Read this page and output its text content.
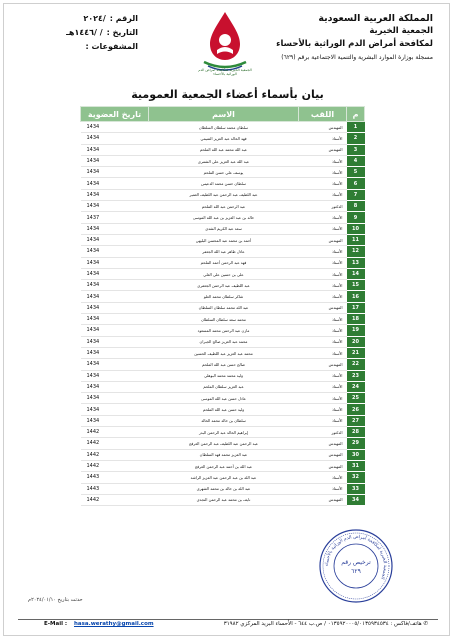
المملكة العربية السعودية
الجمعية الخيرية
لمكافحة أمراض الدم الوراثية بالأحساء
مسجلة بوزارة الموارد البشرية والتنمية الاجتماعية برقم (٦٢٩)
الجمعية الخيرية لمكافحة أمراض الدم الوراثية بالأحساء
الرقم :
/٢٠٢٤
التاريخ :
/ /١٤٤٦هـ
المشفوعات :
بيان بأسماء أعضاء الجمعية العمومية
م	اللقب	الاسم	تاريخ العضوية
1	المهندس	سلطان محمد سلطان السلطان	1434
2	الأستاذ	فهد الخالد عبد العزيز التميمي	1434
3	المهندس	عبد الله محمد عبد الله الملحم	1434
4	الأستاذ	عبد الله عبد العزيز علي الشمري	1434
5	الأستاذ	يوسف علي حسن الملحم	1434
6	الأستاذ	سلطان حسن محمد الدعيس	1434
7	الأستاذ	عبد اللطيف عبد الرحمن عبد اللطيف العمير	1434
8	الدكتور	عبد الرحمن عبد الله الملحم	1434
9	الأستاذ	خالد بن عبد العزيز بن عبد الله الموسى	1437
10	الأستاذ	سعد عبد الكريم الشدي	1434
11	المهندس	أحمد بن محمد عبد المحسن البليهي	1434
12	الأستاذ	عادل طاهر عبد الله الجعفر	1434
13	الأستاذ	فهد عبد الرحمن أحمد الملحم	1434
14	الأستاذ	علي بن حسين علي العلي	1434
15	الأستاذ	عبد اللطيف عبد الرحمن الجعفري	1434
16	الأستاذ	شاكر سلطان محمد العلو	1434
17	المهندس	عبد الله محمد سلطان السلطان	1434
18	الأستاذ	محمد سعد سلطان السلطان	1434
19	الأستاذ	مازن عبد الرحمن محمد المسعود	1434
20	الأستاذ	محمد عبد العزيز صالح الجبران	1434
21	الأستاذ	محمد عبد العزيز عبد اللطيف الحسين	1434
22	المهندس	صالح حسن عبد الله الملحم	1434
23	الأستاذ	وليد محمد محمد البوهلي	1434
24	الأستاذ	عبد العزيز سلطان الملحم	1434
25	الأستاذ	عادل حسن عبد الله الموسى	1434
26	الأستاذ	وليد حسن عبد الله الملحم	1434
27	الأستاذ	سلطان بن خالد محمد الخالد	1434
28	الدكتور	إبراهيم الخالد عبد الرحمن البدر	1442
29	المهندس	عبد الرحمن عبد اللطيف عبد الرحمن العرفج	1442
30	المهندس	عبد العزيز محمد فهد السلطان	1442
31	المهندس	عبد الله بن أحمد عبد الرحمن العرفج	1442
32	الأستاذ	عبد الله بن عبد الرحمن عبد العزيز الراشد	1443
33	الأستاذ	عبد الله بن خالد بن محمد الشهري	1443
34	المهندس	نايف بن محمد عبد الرحمن النجدي	1442
الجمعية الخيرية لمكافحة أمراض الدم الوراثية بالأحساء
ترخيص رقم
٦٢٩
حدثت بتاريخ ٢٠٢٤/٠١/١٠م
E-Mail : hasa.werathy@gmail.com	✆ هاتف/فاكس : ٠١٣٥٩٢٠٠٠٥/٠١٣٥٩٣٤٥٣٤ / ص.ب ٦٤٤ - الأحساء البريد المركزي ٣١٩٨٢
